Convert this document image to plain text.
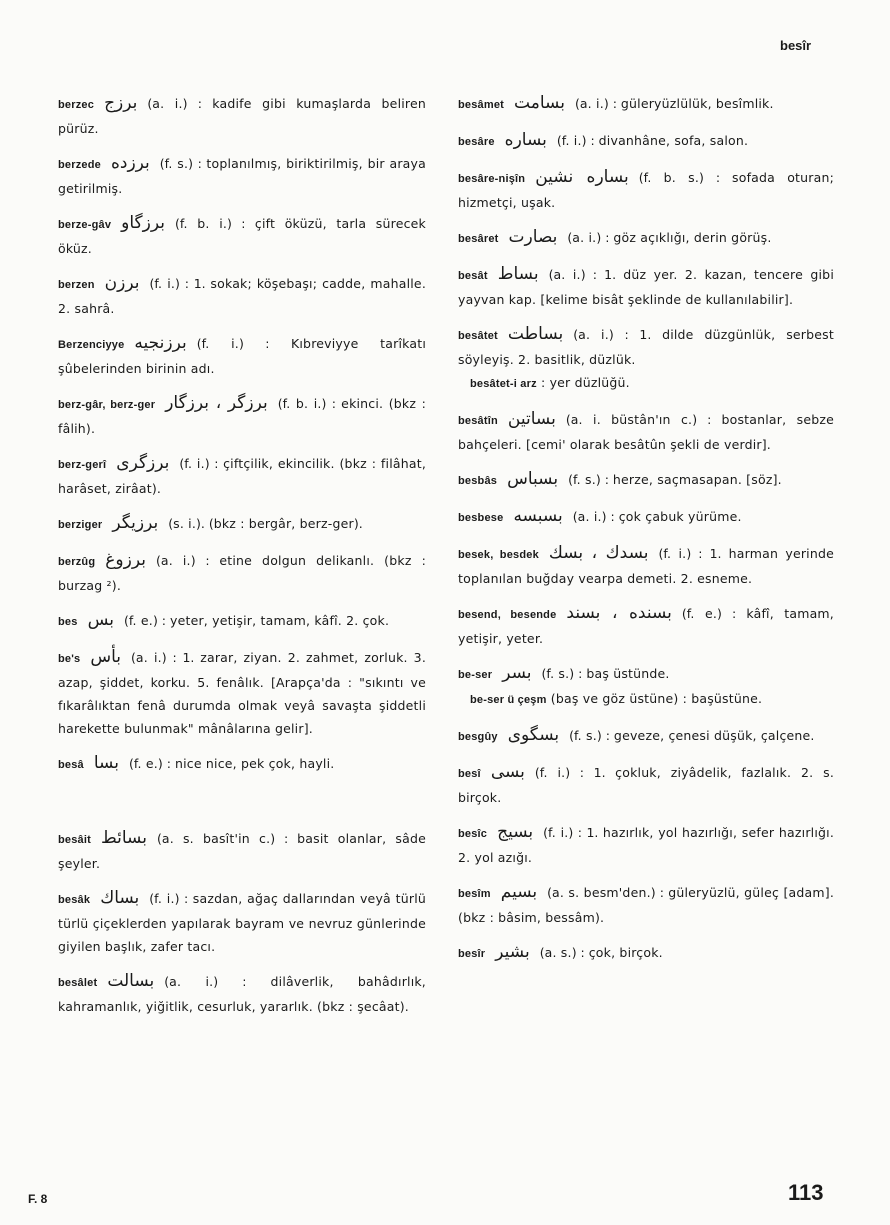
besîr
berzec برزج (a. i.) : kadife gibi kumaşlarda beliren pürüz.
berzede برزده (f. s.) : toplanılmış, biriktirilmiş, bir araya getirilmiş.
berze-gâv برزگاو (f. b. i.) : çift öküzü, tarla sürecek öküz.
berzen برزن (f. i.) : 1. sokak; köşebaşı; cadde, mahalle. 2. sahrâ.
Berzenciyye برزنجیه (f. i.) : Kıbreviyye tarîkatı şûbelerinden birinin adı.
berz-gâr, berz-ger برزگر ، برزگار (f. b. i.) : ekinci. (bkz : fâlih).
berz-gerî برزگری (f. i.) : çiftçilik, ekincilik. (bkz : filâhat, harâset, zirâat).
berziger برزیگر (s. i.). (bkz : bergâr, berz-ger).
berzûg برزوغ (a. i.) : etine dolgun delikanlı. (bkz : burzag ²).
bes بس (f. e.) : yeter, yetişir, tamam, kâfî. 2. çok.
be's بأس (a. i.) : 1. zarar, ziyan. 2. zahmet, zorluk. 3. azap, şiddet, korku. 5. fenâlık. [Arapça'da : "sıkıntı ve fıkarâlıktan fenâ durumda olmak veyâ savaşta şiddetli harekette bulunmak" mânâlarına gelir].
besâ بسا (f. e.) : nice nice, pek çok, hayli.
besâit بسائط (a. s. basît'in c.) : basit olanlar, sâde şeyler.
besâk بساك (f. i.) : sazdan, ağaç dallarından veyâ türlü türlü çiçeklerden yapılarak bayram ve nevruz günlerinde giyilen başlık, zafer tacı.
besâlet بسالت (a. i.) : dilâverlik, bahâdırlık, kahramanlık, yiğitlik, cesurluk, yararlık. (bkz : şecâat).
besâmet بسامت (a. i.) : güleryüzlülük, besîmlik.
besâre بساره (f. i.) : divanhâne, sofa, salon.
besâre-nişîn بساره نشین (f. b. s.) : sofada oturan; hizmetçi, uşak.
besâret بصارت (a. i.) : göz açıklığı, derin görüş.
besât بساط (a. i.) : 1. düz yer. 2. kazan, tencere gibi yayvan kap. [kelime bisât şeklinde de kullanılabilir].
besâtet بساطت (a. i.) : 1. dilde düzgünlük, serbest söyleyiş. 2. basitlik, düzlük.
besâtet-i arz : yer düzlüğü.
besâtîn بساتین (a. i. büstân'ın c.) : bostanlar, sebze bahçeleri. [cemi' olarak besâtûn şekli de verdir].
besbâs بسباس (f. s.) : herze, saçmasapan. [söz].
besbese بسبسه (a. i.) : çok çabuk yürüme.
besek, besdek بسدك ، بسك (f. i.) : 1. harman yerinde toplanılan buğday vearpa demeti. 2. esneme.
besend, besende بسنده ، بسند (f. e.) : kâfî, tamam, yetişir, yeter.
be-ser بسر (f. s.) : baş üstünde.
be-ser ü çeşm (baş ve göz üstüne) : başüstüne.
besgûy بسگوی (f. s.) : geveze, çenesi düşük, çalçene.
besî بسی (f. i.) : 1. çokluk, ziyâdelik, fazlalık. 2. s. birçok.
besîc بسیج (f. i.) : 1. hazırlık, yol hazırlığı, sefer hazırlığı. 2. yol azığı.
besîm بسیم (a. s. besm'den.) : güleryüzlü, güleç [adam]. (bkz : bâsim, bessâm).
besîr بشیر (a. s.) : çok, birçok.
F. 8	113
